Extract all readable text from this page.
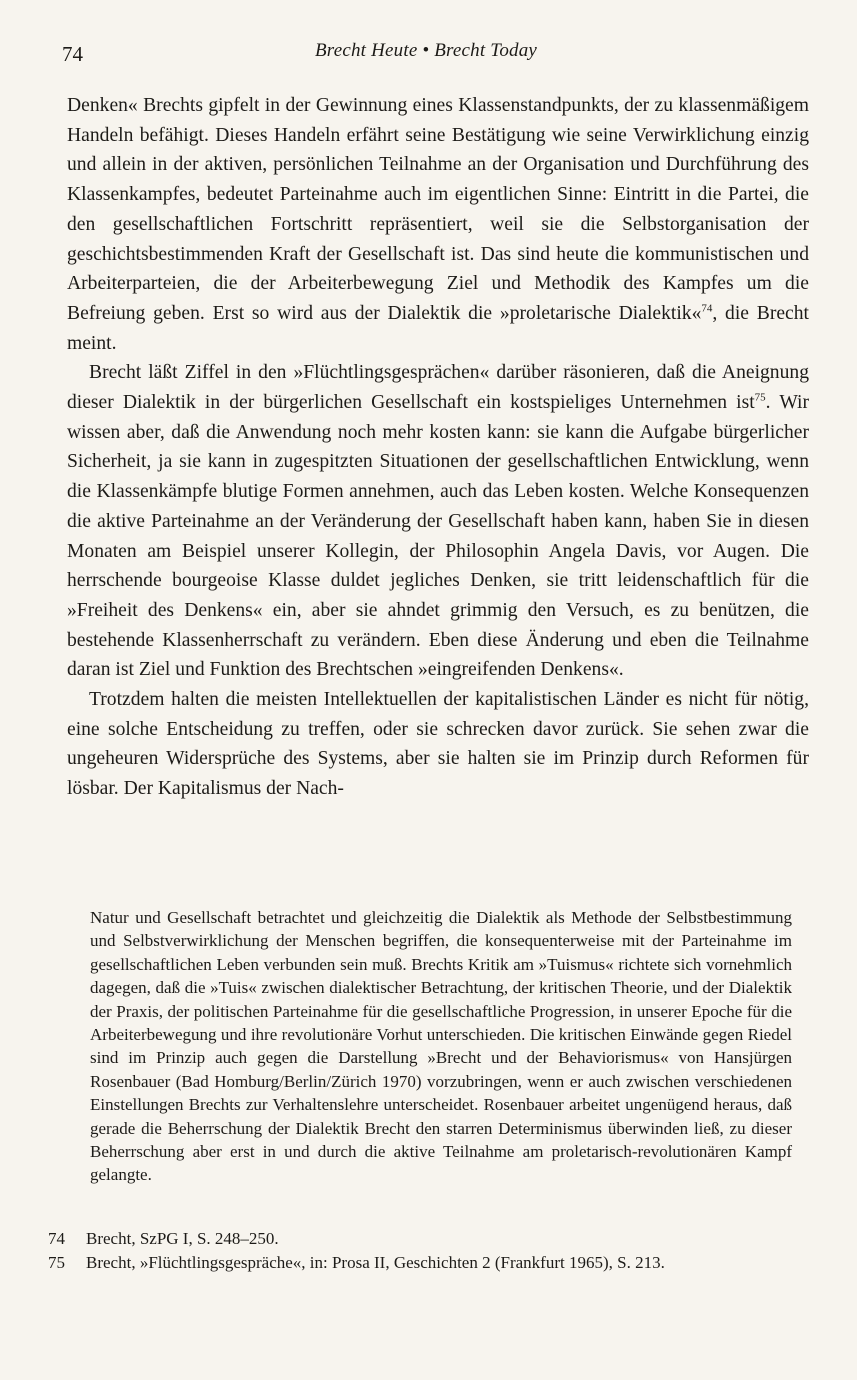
74	Brecht Heute • Brecht Today

Denken« Brechts gipfelt in der Gewinnung eines Klassenstandpunkts, der zu klassenmäßigem Handeln befähigt. Dieses Handeln erfährt seine Bestätigung wie seine Verwirklichung einzig und allein in der aktiven, persönlichen Teilnahme an der Organisation und Durchführung des Klassenkampfes, bedeutet Parteinahme auch im eigentlichen Sinne: Eintritt in die Partei, die den gesellschaftlichen Fortschritt repräsentiert, weil sie die Selbstorganisation der geschichtsbestimmenden Kraft der Gesellschaft ist. Das sind heute die kommunistischen und Arbeiterparteien, die der Arbeiterbewegung Ziel und Methodik des Kampfes um die Befreiung geben. Erst so wird aus der Dialektik die »proletarische Dialektik«$^{74}$, die Brecht meint.

Brecht läßt Ziffel in den »Flüchtlingsgesprächen« darüber räsonieren, daß die Aneignung dieser Dialektik in der bürgerlichen Gesellschaft ein kostspieliges Unternehmen ist$^{75}$. Wir wissen aber, daß die Anwendung noch mehr kosten kann: sie kann die Aufgabe bürgerlicher Sicherheit, ja sie kann in zugespitzten Situationen der gesellschaftlichen Entwicklung, wenn die Klassenkämpfe blutige Formen annehmen, auch das Leben kosten. Welche Konsequenzen die aktive Parteinahme an der Veränderung der Gesellschaft haben kann, haben Sie in diesen Monaten am Beispiel unserer Kollegin, der Philosophin Angela Davis, vor Augen. Die herrschende bourgeoise Klasse duldet jegliches Denken, sie tritt leidenschaftlich für die »Freiheit des Denkens« ein, aber sie ahndet grimmig den Versuch, es zu benützen, die bestehende Klassenherrschaft zu verändern. Eben diese Änderung und eben die Teilnahme daran ist Ziel und Funktion des Brechtschen »eingreifenden Denkens«.

Trotzdem halten die meisten Intellektuellen der kapitalistischen Länder es nicht für nötig, eine solche Entscheidung zu treffen, oder sie schrecken davor zurück. Sie sehen zwar die ungeheuren Widersprüche des Systems, aber sie halten sie im Prinzip durch Reformen für lösbar. Der Kapitalismus der Nach-

Natur und Gesellschaft betrachtet und gleichzeitig die Dialektik als Methode der Selbstbestimmung und Selbstverwirklichung der Menschen begriffen, die konsequenterweise mit der Parteinahme im gesellschaftlichen Leben verbunden sein muß. Brechts Kritik am »Tuismus« richtete sich vornehmlich dagegen, daß die »Tuis« zwischen dialektischer Betrachtung, der kritischen Theorie, und der Dialektik der Praxis, der politischen Parteinahme für die gesellschaftliche Progression, in unserer Epoche für die Arbeiterbewegung und ihre revolutionäre Vorhut unterschieden. Die kritischen Einwände gegen Riedel sind im Prinzip auch gegen die Darstellung »Brecht und der Behaviorismus« von Hansjürgen Rosenbauer (Bad Homburg/Berlin/Zürich 1970) vorzubringen, wenn er auch zwischen verschiedenen Einstellungen Brechts zur Verhaltenslehre unterscheidet. Rosenbauer arbeitet ungenügend heraus, daß gerade die Beherrschung der Dialektik Brecht den starren Determinismus überwinden ließ, zu dieser Beherrschung aber erst in und durch die aktive Teilnahme am proletarisch-revolutionären Kampf gelangte.

74	Brecht, SzPG I, S. 248–250.
75	Brecht, »Flüchtlingsgespräche«, in: Prosa II, Geschichten 2 (Frankfurt 1965), S. 213.
